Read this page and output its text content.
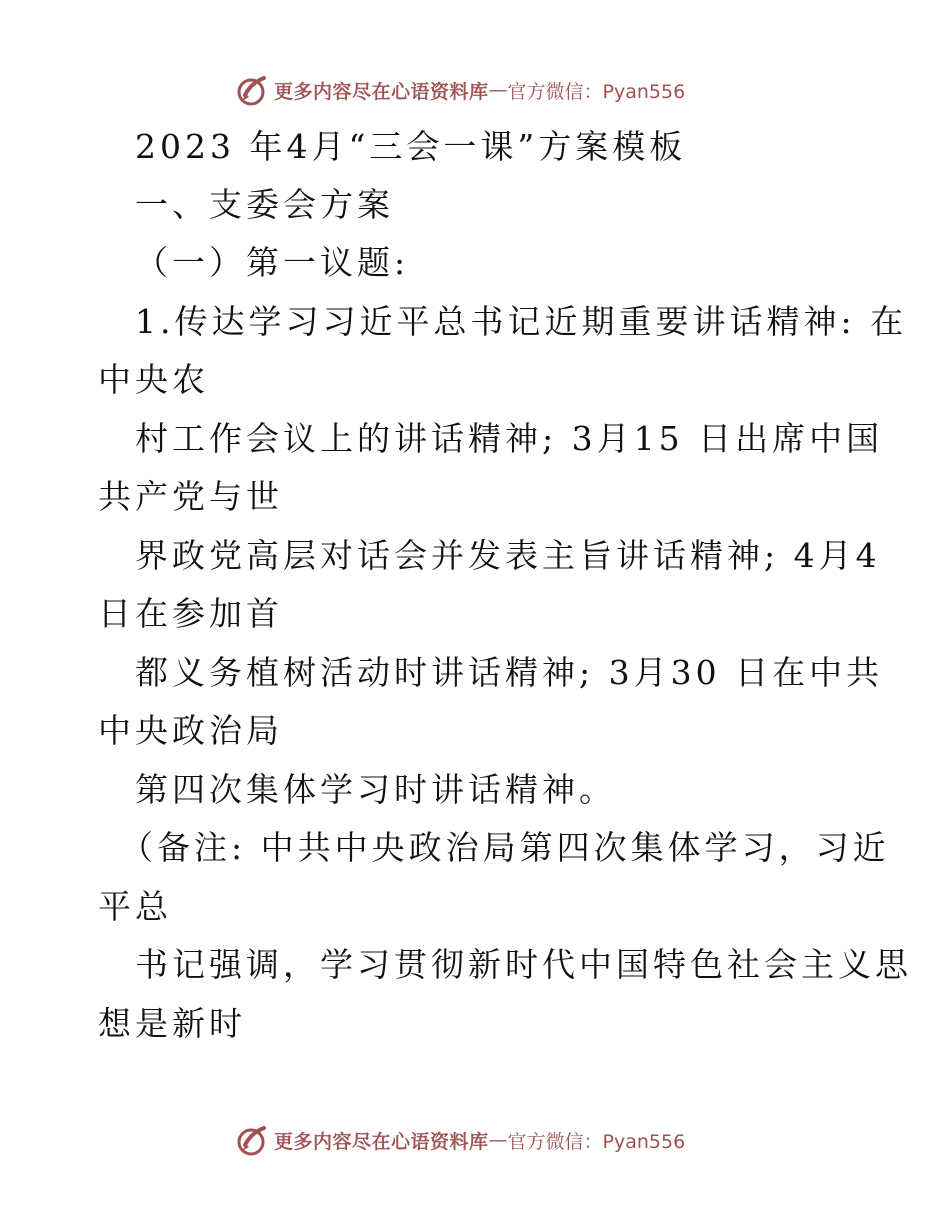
更多内容尽在心语资料库 — 官方微信：Pyan556
2023 年4月“三会一课”方案模板
一、支委会方案
（一）第一议题:
1.传达学习习近平总书记近期重要讲话精神: 在
中央农
村工作会议上的讲话精神; 3月15 日出席中国
共产党与世
界政党高层对话会并发表主旨讲话精神; 4月4
日在参加首
都义务植树活动时讲话精神; 3月30 日在中共
中央政治局
第四次集体学习时讲话精神。
（备注: 中共中央政治局第四次集体学习，习近
平总
书记强调，学习贯彻新时代中国特色社会主义思
想是新时
更多内容尽在心语资料库 — 官方微信：Pyan556
